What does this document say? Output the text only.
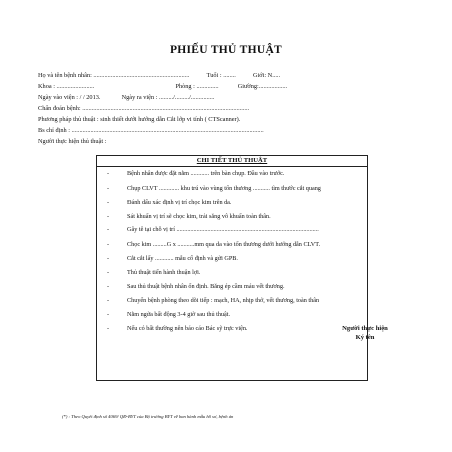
PHIẾU THỦ THUẬT
Họ và tên bệnh nhân: .............................................................	Tuổi : ........	Giới: N.....
Khoa : ........................	Phòng : ..............	Giường:..................
Ngày vào viện : / / 2013.	Ngày ra viện : ........./........./...............
Chẩn đoán bệnh: ..........................................................................................................
Phương pháp thủ thuật : sinh thiết dưới hướng dẫn Cắt lớp vi tính ( CTScanner).
Bs chỉ định : ..........................................................................................................................
Người thực hiện thủ thuật :
CHI TIẾT THỦ THUẬT
-	Bệnh nhân được đặt nằm ............ trên bàn chụp. Đầu vào trước.
-	Chụp CLVT ............. khu trú vào vùng tổn thương ........... tìm thước cắt quang
-	Đánh dấu xác định vị trí chọc kim trên da.
-	Sát khuẩn vị trí sẽ chọc kim, trải săng vô khuẩn toàn thân.
-	Gây tê tại chỗ vị trí ............................................................................................
-	Chọc kim .........G x ...........mm qua da vào tổn thương dưới hướng dẫn CLVT.
-	Cắt cắt lấy ............ mẫu cố định và gửi GPB.
-	Thủ thuật tiến hành thuận lợi.
-	Sau thủ thuật bệnh nhân ổn định. Băng ép cầm máu vết thương.
-	Chuyển bệnh phòng theo dõi tiếp : mạch, HA, nhịp thở, vết thương, toàn thân
-	Nằm ngửa bất động 3-4 giờ sau thủ thuật.
-	Nếu có bất thường nên báo cáo Bác sỹ trực viện.	Người thực hiện
Ký tên
(*) : Theo Quyết định số 4069/ QĐ-BYT của Bộ trưởng BYT về ban hành mẫu hồ sơ, bệnh án
